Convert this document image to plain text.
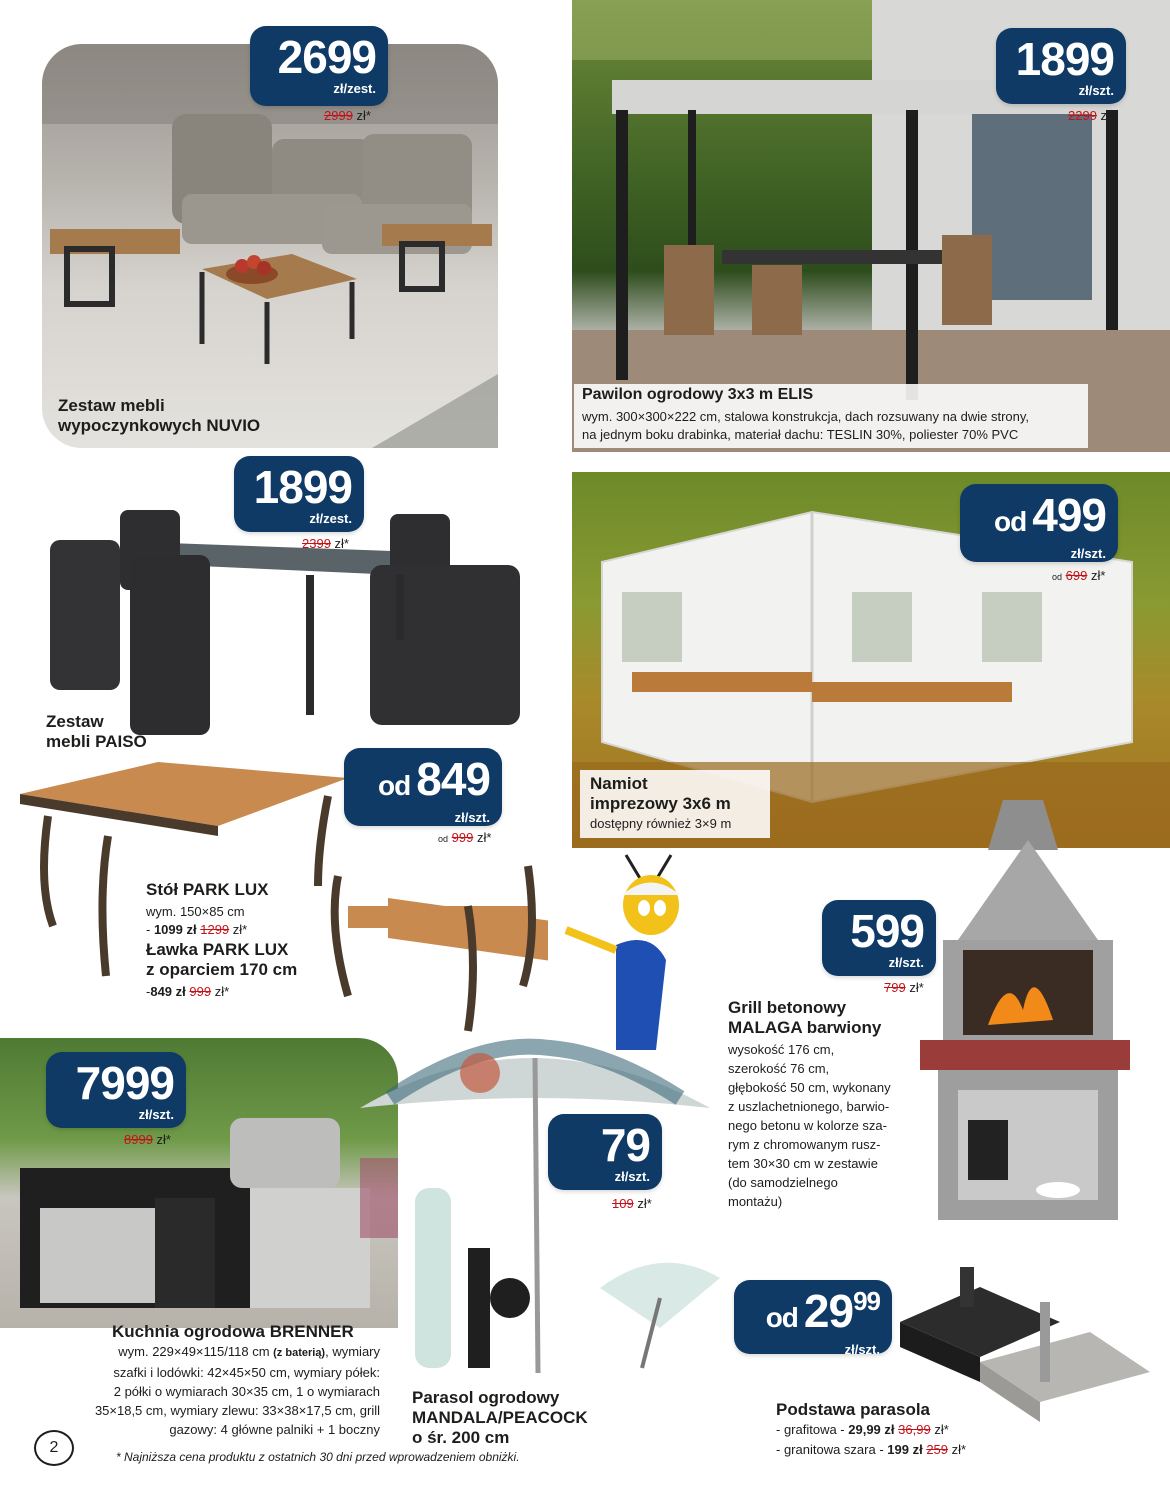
Zestaw mebli
wypoczynkowych NUVIO
2699
zł/zest.
2999 zł*
1899
zł/szt.
2299 zł*
Pawilon ogrodowy 3x3 m ELIS
wym. 300×300×222 cm, stalowa konstrukcja, dach rozsuwany na dwie strony,
na jednym boku drabinka, materiał dachu: TESLIN 30%, poliester 70% PVC
1899
zł/zest.
2399 zł*
Zestaw
mebli PAISO
od 499
zł/szt.
od 699 zł*
Namiot
imprezowy 3x6 m
dostępny również 3×9 m
od 849
zł/szt.
od 999 zł*
Stół PARK LUX
wym. 150×85 cm
- 1099 zł 1299 zł*
Ławka PARK LUX
z oparciem 170 cm
-849 zł 999 zł*
599
zł/szt.
799 zł*
Grill betonowy
MALAGA barwiony
wysokość 176 cm,
szerokość 76 cm,
głębokość 50 cm, wykonany
z uszlachetnionego, barwio-
nego betonu w kolorze sza-
rym z chromowanym rusz-
tem 30×30 cm w zestawie
(do samodzielnego
montażu)
7999
zł/szt.
8999 zł*
Kuchnia ogrodowa BRENNER
wym. 229×49×115/118 cm (z baterią), wymiary
szafki i lodówki: 42×45×50 cm, wymiary półek:
2 półki o wymiarach 30×35 cm, 1 o wymiarach
35×18,5 cm, wymiary zlewu: 33×38×17,5 cm, grill
gazowy: 4 główne palniki + 1 boczny
79
zł/szt.
109 zł*
Parasol ogrodowy
MANDALA/PEACOCK
o śr. 200 cm
od $29^{99}$
zł/szt.
Podstawa parasola
- grafitowa - 29,99 zł 36,99 zł*
- granitowa szara - 199 zł 259 zł*
2
* Najniższa cena produktu z ostatnich 30 dni przed wprowadzeniem obniżki.
